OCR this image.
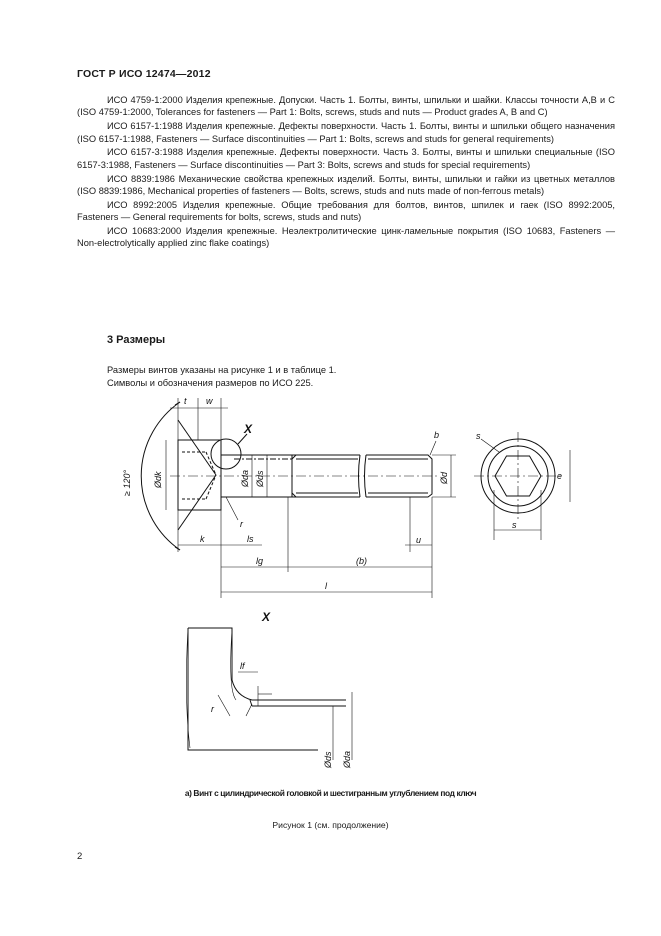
ГОСТ Р ИСО 12474—2012

ИСО 4759-1:2000 Изделия крепежные. Допуски. Часть 1. Болты, винты, шпильки и шайки. Классы точности А,В и С (ISO 4759-1:2000, Tolerances for fasteners — Part 1: Bolts, screws, studs and nuts — Product grades A, B and C)

ИСО 6157-1:1988 Изделия крепежные. Дефекты поверхности. Часть 1. Болты, винты и шпильки общего назначения (ISO 6157-1:1988, Fasteners — Surface discontinuities — Part 1: Bolts, screws and studs for general requirements)

ИСО 6157-3:1988 Изделия крепежные. Дефекты поверхности. Часть 3. Болты, винты и шпильки специальные (ISO 6157-3:1988, Fasteners — Surface discontinuities — Part 3: Bolts, screws and studs for special requirements)

ИСО 8839:1986 Механические свойства крепежных изделий. Болты, винты, шпильки и гайки из цветных металлов (ISO 8839:1986, Mechanical properties of fasteners — Bolts, screws, studs and nuts made of non-ferrous metals)

ИСО 8992:2005 Изделия крепежные. Общие требования для болтов, винтов, шпилек и гаек (ISO 8992:2005, Fasteners — General requirements for bolts, screws, studs and nuts)

ИСО 10683:2000 Изделия крепежные. Неэлектролитические цинк-ламельные покрытия (ISO 10683, Fasteners — Non-electrolytically applied zinc flake coatings)

3 Размеры

Размеры винтов указаны на рисунке 1 и в таблице 1.

Символы и обозначения размеров по ИСО 225.

t w
X	b	s
e
≥ 120° Ødk	Øda Øds	Ød
r
k	ls
lg	(b)
l
u
s
X
lf
r
Øds Øda
а) Винт с цилиндрической головкой и шестигранным углублением под ключ
Рисунок 1 (см. продолжение)
2
